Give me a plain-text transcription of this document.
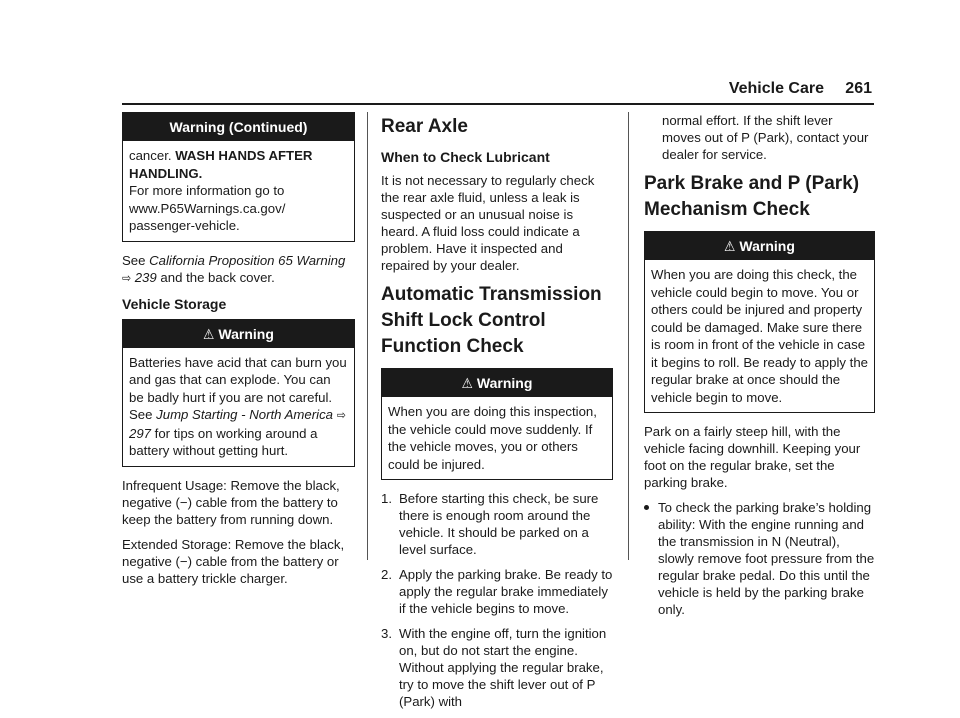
Vehicle Care 261
Warning (Continued)
cancer. WASH HANDS AFTER HANDLING.
For more information go to www.P65Warnings.ca.gov/ passenger-vehicle.

See California Proposition 65 Warning ⇨ 239 and the back cover.

Vehicle Storage
⚠ Warning
Batteries have acid that can burn you and gas that can explode. You can be badly hurt if you are not careful. See Jump Starting - North America ⇨ 297 for tips on working around a battery without getting hurt.

Infrequent Usage: Remove the black, negative (−) cable from the battery to keep the battery from running down.

Extended Storage: Remove the black, negative (−) cable from the battery or use a battery trickle charger.

Rear Axle
When to Check Lubricant

It is not necessary to regularly check the rear axle fluid, unless a leak is suspected or an unusual noise is heard. A fluid loss could indicate a problem. Have it inspected and repaired by your dealer.

Automatic Transmission Shift Lock Control Function Check
⚠ Warning
When you are doing this inspection, the vehicle could move suddenly. If the vehicle moves, you or others could be injured.
1. Before starting this check, be sure there is enough room around the vehicle. It should be parked on a level surface.
2. Apply the parking brake. Be ready to apply the regular brake immediately if the vehicle begins to move.
3. With the engine off, turn the ignition on, but do not start the engine. Without applying the regular brake, try to move the shift lever out of P (Park) with

normal effort. If the shift lever moves out of P (Park), contact your dealer for service.

Park Brake and P (Park) Mechanism Check
⚠ Warning
When you are doing this check, the vehicle could begin to move. You or others could be injured and property could be damaged. Make sure there is room in front of the vehicle in case it begins to roll. Be ready to apply the regular brake at once should the vehicle begin to move.

Park on a fairly steep hill, with the vehicle facing downhill. Keeping your foot on the regular brake, set the parking brake.

To check the parking brake’s holding ability: With the engine running and the transmission in N (Neutral), slowly remove foot pressure from the regular brake pedal. Do this until the vehicle is held by the parking brake only.
